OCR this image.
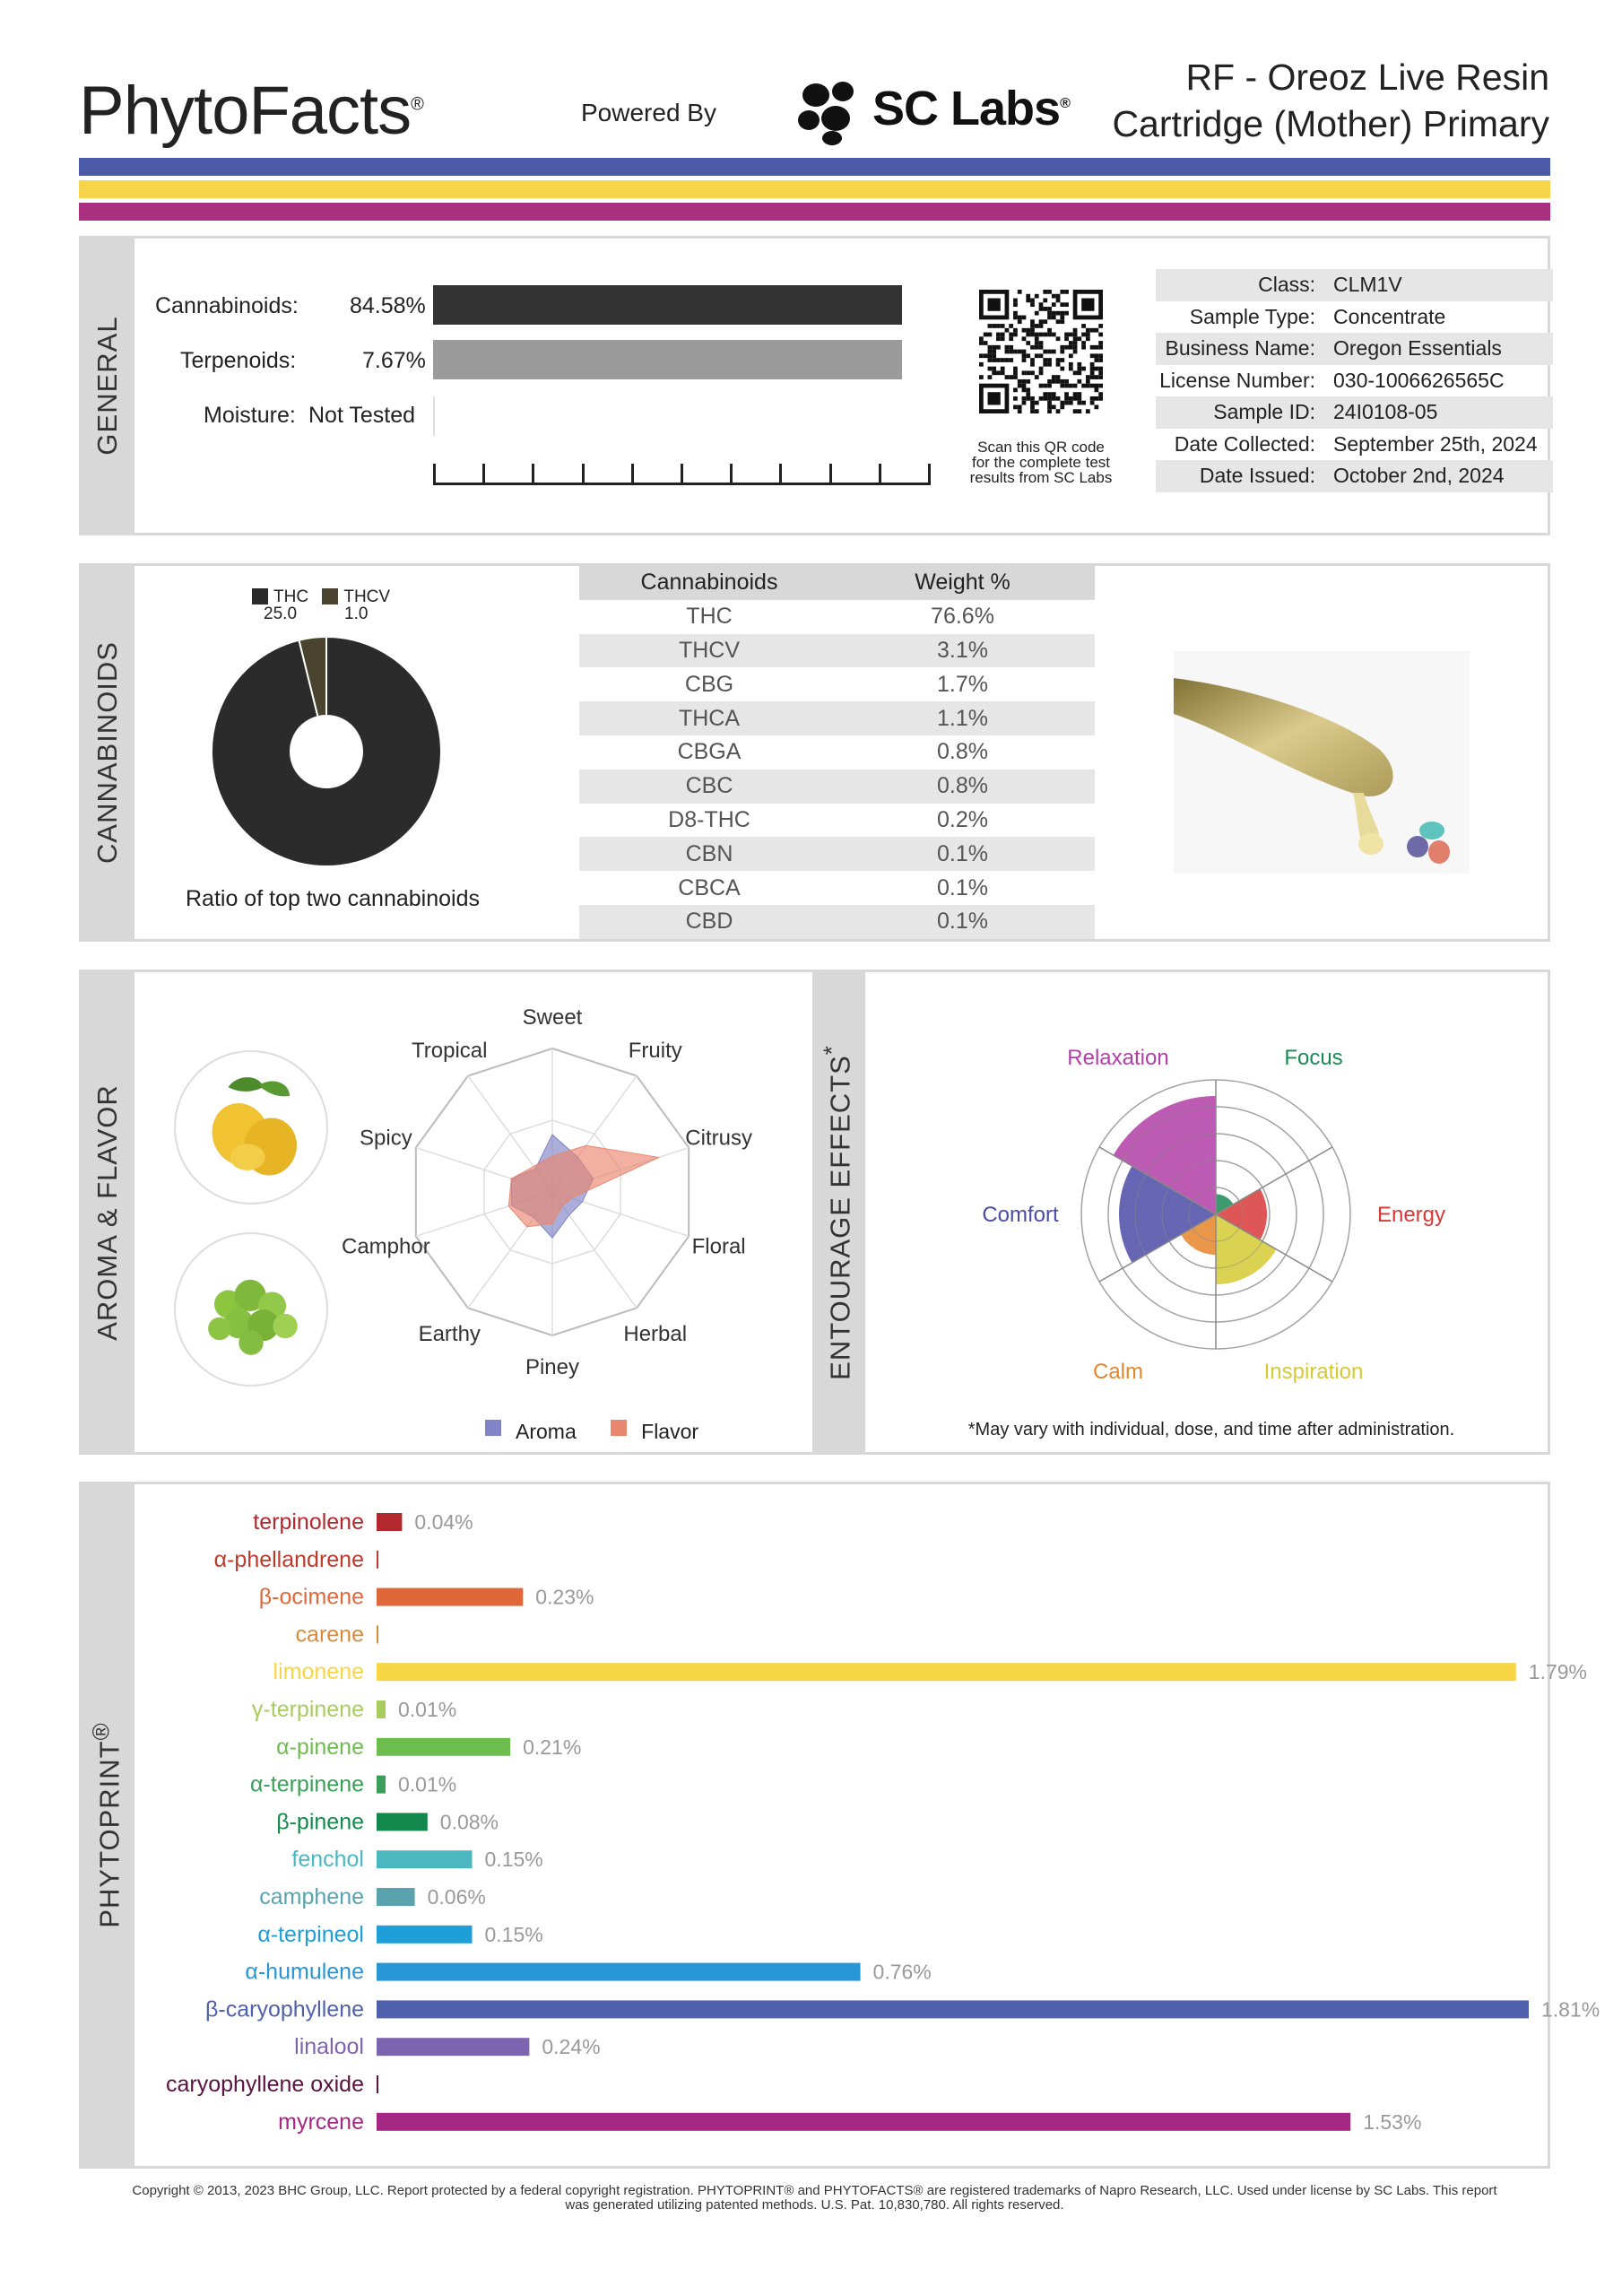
PhytoFacts®	Powered By	SC Labs®
RF - Oreoz Live Resin
Cartridge (Mother) Primary
GENERAL
Cannabinoids: 84.58%
Terpenoids:	7.67%
Moisture: Not Tested
Scan this QR code
for the complete test
results from SC Labs
Class: CLM1V
Sample Type: Concentrate
Business Name: Oregon Essentials
License Number: 030-1006626565C
Sample ID: 24I0108-05
Date Collected: September 25th, 2024
Date Issued: October 2nd, 2024
CANNABINOIDS
THC
25.0 THCV
1.0
Ratio of top two cannabinoids
Cannabinoids	Weight %
THC	76.6%
THCV	3.1%
CBG	1.7%
THCA	1.1%
CBGA	0.8%
CBC	0.8%
D8-THC	0.2%
CBN	0.1%
CBCA	0.1%
CBD	0.1%
AROMA & FLAVOR
Sweet
Fruity
Citrusy
Floral
Herbal
Piney
Earthy
Camphor
Spicy
Tropical
Aroma	Flavor
ENTOURAGE EFFECTS*	Focus
Energy
Inspiration
Calm
Comfort
Relaxation
*May vary with individual, dose, and time after administration.
PHYTOPRINT®
terpinolene 0.04%
α-phellandrene
β-ocimene	0.23%
carene
limonene	1.79%
γ-terpinene 0.01%
α-pinene	0.21%
α-terpinene 0.01%
β-pinene	0.08%
fenchol	0.15%
camphene	0.06%
α-terpineol	0.15%
α-humulene	0.76%
β-caryophyllene	1.81%
linalool	0.24%
caryophyllene oxide
myrcene	1.53%
Copyright © 2013, 2023 BHC Group, LLC. Report protected by a federal copyright registration. PHYTOPRINT® and PHYTOFACTS® are registered trademarks of Napro Research, LLC. Used under license by SC Labs. This report
was generated utilizing patented methods. U.S. Pat. 10,830,780. All rights reserved.
